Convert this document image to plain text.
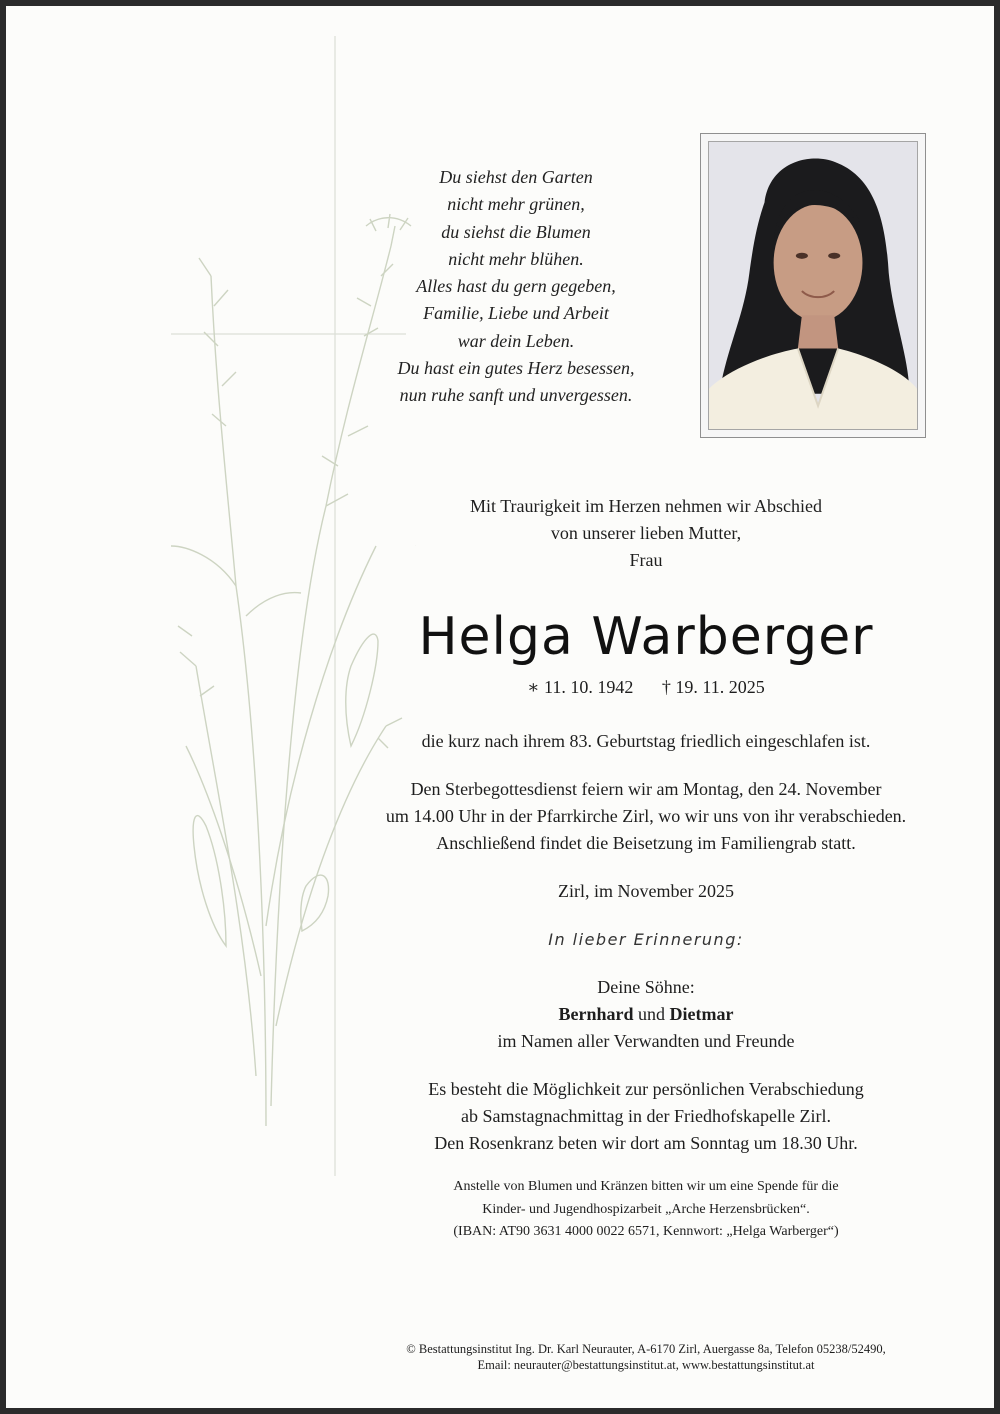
Du siehst den Garten
nicht mehr grünen,
du siehst die Blumen
nicht mehr blühen.
Alles hast du gern gegeben,
Familie, Liebe und Arbeit
war dein Leben.
Du hast ein gutes Herz besessen,
nun ruhe sanft und unvergessen.
Mit Traurigkeit im Herzen nehmen wir Abschied
von unserer lieben Mutter,
Frau
Helga Warberger
∗ 11. 10. 1942 † 19. 11. 2025
die kurz nach ihrem 83. Geburtstag friedlich eingeschlafen ist.
Den Sterbegottesdienst feiern wir am Montag, den 24. November
um 14.00 Uhr in der Pfarrkirche Zirl, wo wir uns von ihr verabschieden.
Anschließend findet die Beisetzung im Familiengrab statt.
Zirl, im November 2025
In lieber Erinnerung:
Deine Söhne:
Bernhard und Dietmar
im Namen aller Verwandten und Freunde
Es besteht die Möglichkeit zur persönlichen Verabschiedung
ab Samstagnachmittag in der Friedhofskapelle Zirl.
Den Rosenkranz beten wir dort am Sonntag um 18.30 Uhr.
Anstelle von Blumen und Kränzen bitten wir um eine Spende für die
Kinder- und Jugendhospizarbeit „Arche Herzensbrücken“.
(IBAN: AT90 3631 4000 0022 6571, Kennwort: „Helga Warberger“)
© Bestattungsinstitut Ing. Dr. Karl Neurauter, A-6170 Zirl, Auergasse 8a, Telefon 05238/52490,
Email: neurauter@bestattungsinstitut.at, www.bestattungsinstitut.at
